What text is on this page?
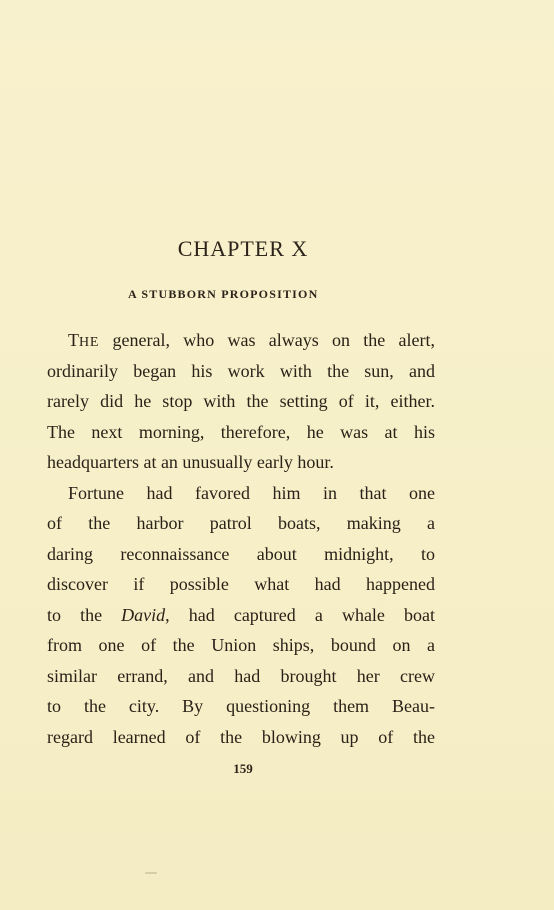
CHAPTER X
A STUBBORN PROPOSITION
THE general, who was always on the alert,
ordinarily began his work with the sun, and
rarely did he stop with the setting of it, either.
The next morning, therefore, he was at his
headquarters at an unusually early hour.
Fortune had favored him in that one
of the harbor patrol boats, making a
daring reconnaissance about midnight, to
discover if possible what had happened
to the David, had captured a whale boat
from one of the Union ships, bound on a
similar errand, and had brought her crew
to the city. By questioning them Beau-
regard learned of the blowing up of the
159
